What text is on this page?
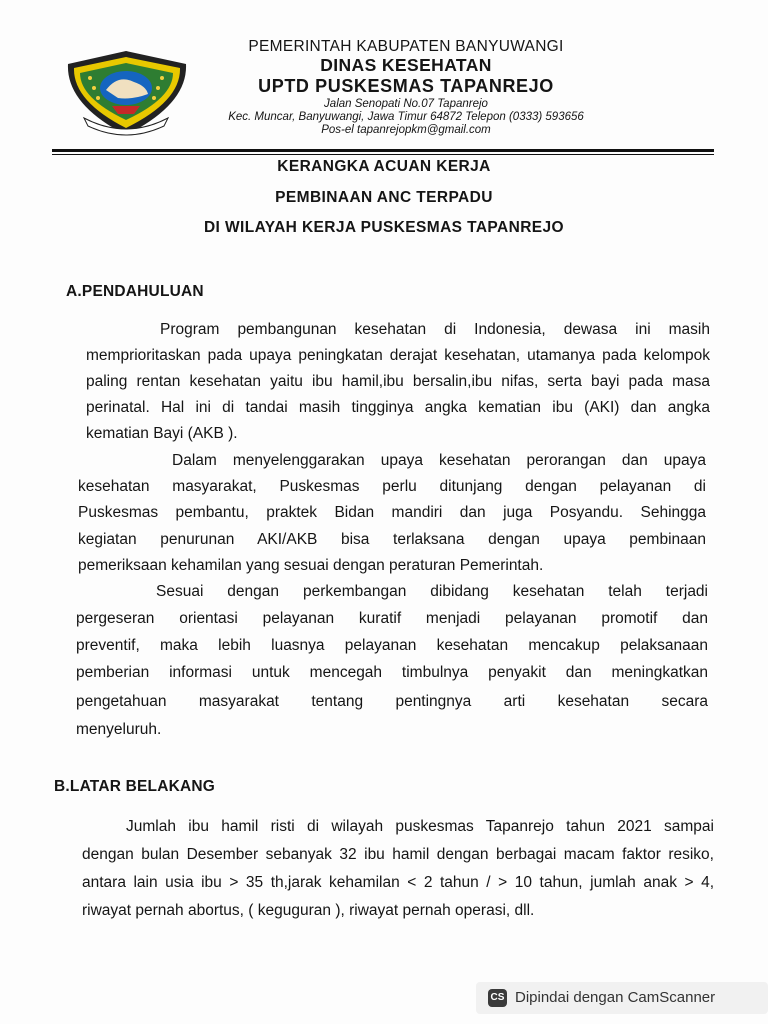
PEMERINTAH KABUPATEN BANYUWANGI
DINAS KESEHATAN
UPTD PUSKESMAS TAPANREJO
Jalan Senopati No.07 Tapanrejo
Kec. Muncar, Banyuwangi, Jawa Timur 64872 Telepon (0333) 593656
Pos-el tapanrejopkm@gmail.com
KERANGKA ACUAN KERJA
PEMBINAAN ANC TERPADU
DI WILAYAH KERJA PUSKESMAS TAPANREJO
A.PENDAHULUAN
Program pembangunan kesehatan di Indonesia, dewasa ini masih
memprioritaskan pada upaya peningkatan derajat kesehatan, utamanya pada kelompok
paling rentan kesehatan yaitu ibu hamil,ibu bersalin,ibu nifas, serta bayi pada masa
perinatal. Hal ini di tandai masih tingginya angka kematian ibu (AKI) dan angka
kematian Bayi (AKB ).
Dalam menyelenggarakan upaya kesehatan perorangan dan upaya
kesehatan masyarakat, Puskesmas perlu ditunjang dengan pelayanan di
Puskesmas pembantu, praktek Bidan mandiri dan juga Posyandu. Sehingga
kegiatan penurunan AKI/AKB bisa terlaksana dengan upaya pembinaan
pemeriksaan kehamilan yang sesuai dengan peraturan Pemerintah.
Sesuai dengan perkembangan dibidang kesehatan telah terjadi
pergeseran orientasi pelayanan kuratif menjadi pelayanan promotif dan
preventif, maka lebih luasnya pelayanan kesehatan mencakup pelaksanaan
pemberian informasi untuk mencegah timbulnya penyakit dan meningkatkan
pengetahuan masyarakat tentang pentingnya arti kesehatan secara
menyeluruh.
B.LATAR BELAKANG
Jumlah ibu hamil risti di wilayah puskesmas Tapanrejo tahun 2021 sampai
dengan bulan Desember sebanyak 32 ibu hamil dengan berbagai macam faktor resiko,
antara lain usia ibu > 35 th,jarak kehamilan < 2 tahun / > 10 tahun, jumlah anak > 4,
riwayat pernah abortus, ( keguguran ), riwayat pernah operasi, dll.
CS Dipindai dengan CamScanner
